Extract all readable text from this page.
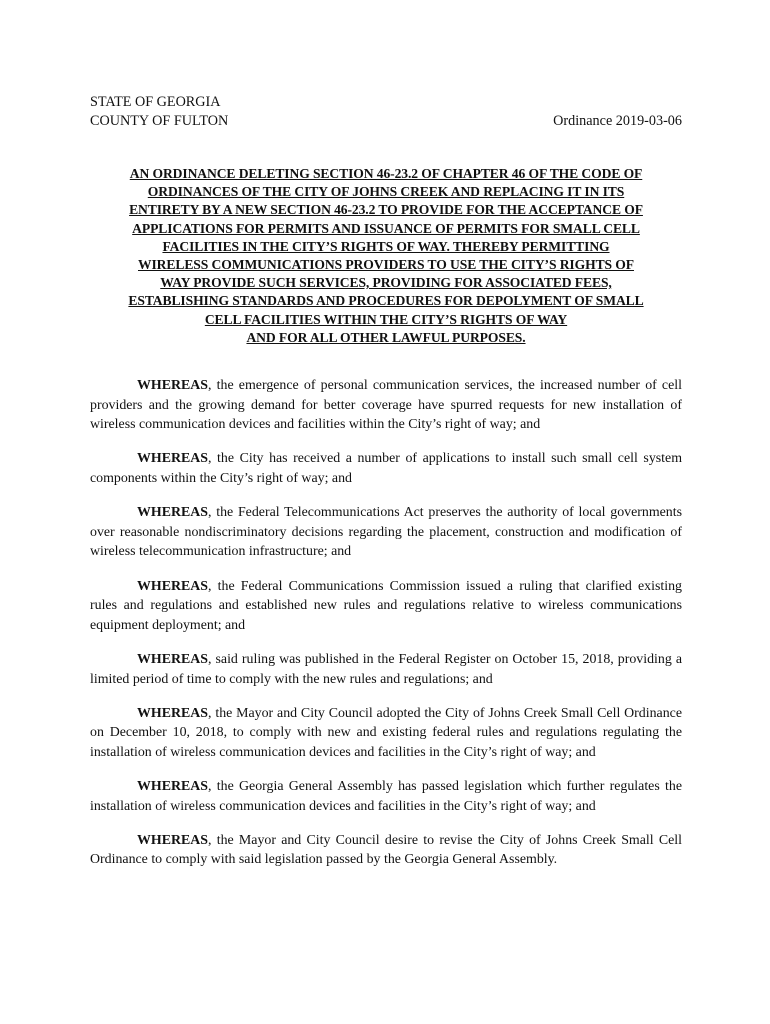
STATE OF GEORGIA
COUNTY OF FULTON	Ordinance 2019-03-06
AN ORDINANCE DELETING SECTION 46-23.2 OF CHAPTER 46 OF THE CODE OF
ORDINANCES OF THE CITY OF JOHNS CREEK AND REPLACING IT IN ITS
ENTIRETY BY A NEW SECTION 46-23.2 TO PROVIDE FOR THE ACCEPTANCE OF
APPLICATIONS FOR PERMITS AND ISSUANCE OF PERMITS FOR SMALL CELL
FACILITIES IN THE CITY’S RIGHTS OF WAY. THEREBY PERMITTING
WIRELESS COMMUNICATIONS PROVIDERS TO USE THE CITY’S RIGHTS OF
WAY PROVIDE SUCH SERVICES, PROVIDING FOR ASSOCIATED FEES,
ESTABLISHING STANDARDS AND PROCEDURES FOR DEPOLYMENT OF SMALL
CELL FACILITIES WITHIN THE CITY’S RIGHTS OF WAY
AND FOR ALL OTHER LAWFUL PURPOSES.

WHEREAS, the emergence of personal communication services, the increased number of cell providers and the growing demand for better coverage have spurred requests for new installation of wireless communication devices and facilities within the City’s right of way; and

WHEREAS, the City has received a number of applications to install such small cell system components within the City’s right of way; and

WHEREAS, the Federal Telecommunications Act preserves the authority of local governments over reasonable nondiscriminatory decisions regarding the placement, construction and modification of wireless telecommunication infrastructure; and

WHEREAS, the Federal Communications Commission issued a ruling that clarified existing rules and regulations and established new rules and regulations relative to wireless communications equipment deployment; and

WHEREAS, said ruling was published in the Federal Register on October 15, 2018, providing a limited period of time to comply with the new rules and regulations; and

WHEREAS, the Mayor and City Council adopted the City of Johns Creek Small Cell Ordinance on December 10, 2018, to comply with new and existing federal rules and regulations regulating the installation of wireless communication devices and facilities in the City’s right of way; and

WHEREAS, the Georgia General Assembly has passed legislation which further regulates the installation of wireless communication devices and facilities in the City’s right of way; and

WHEREAS, the Mayor and City Council desire to revise the City of Johns Creek Small Cell Ordinance to comply with said legislation passed by the Georgia General Assembly.
